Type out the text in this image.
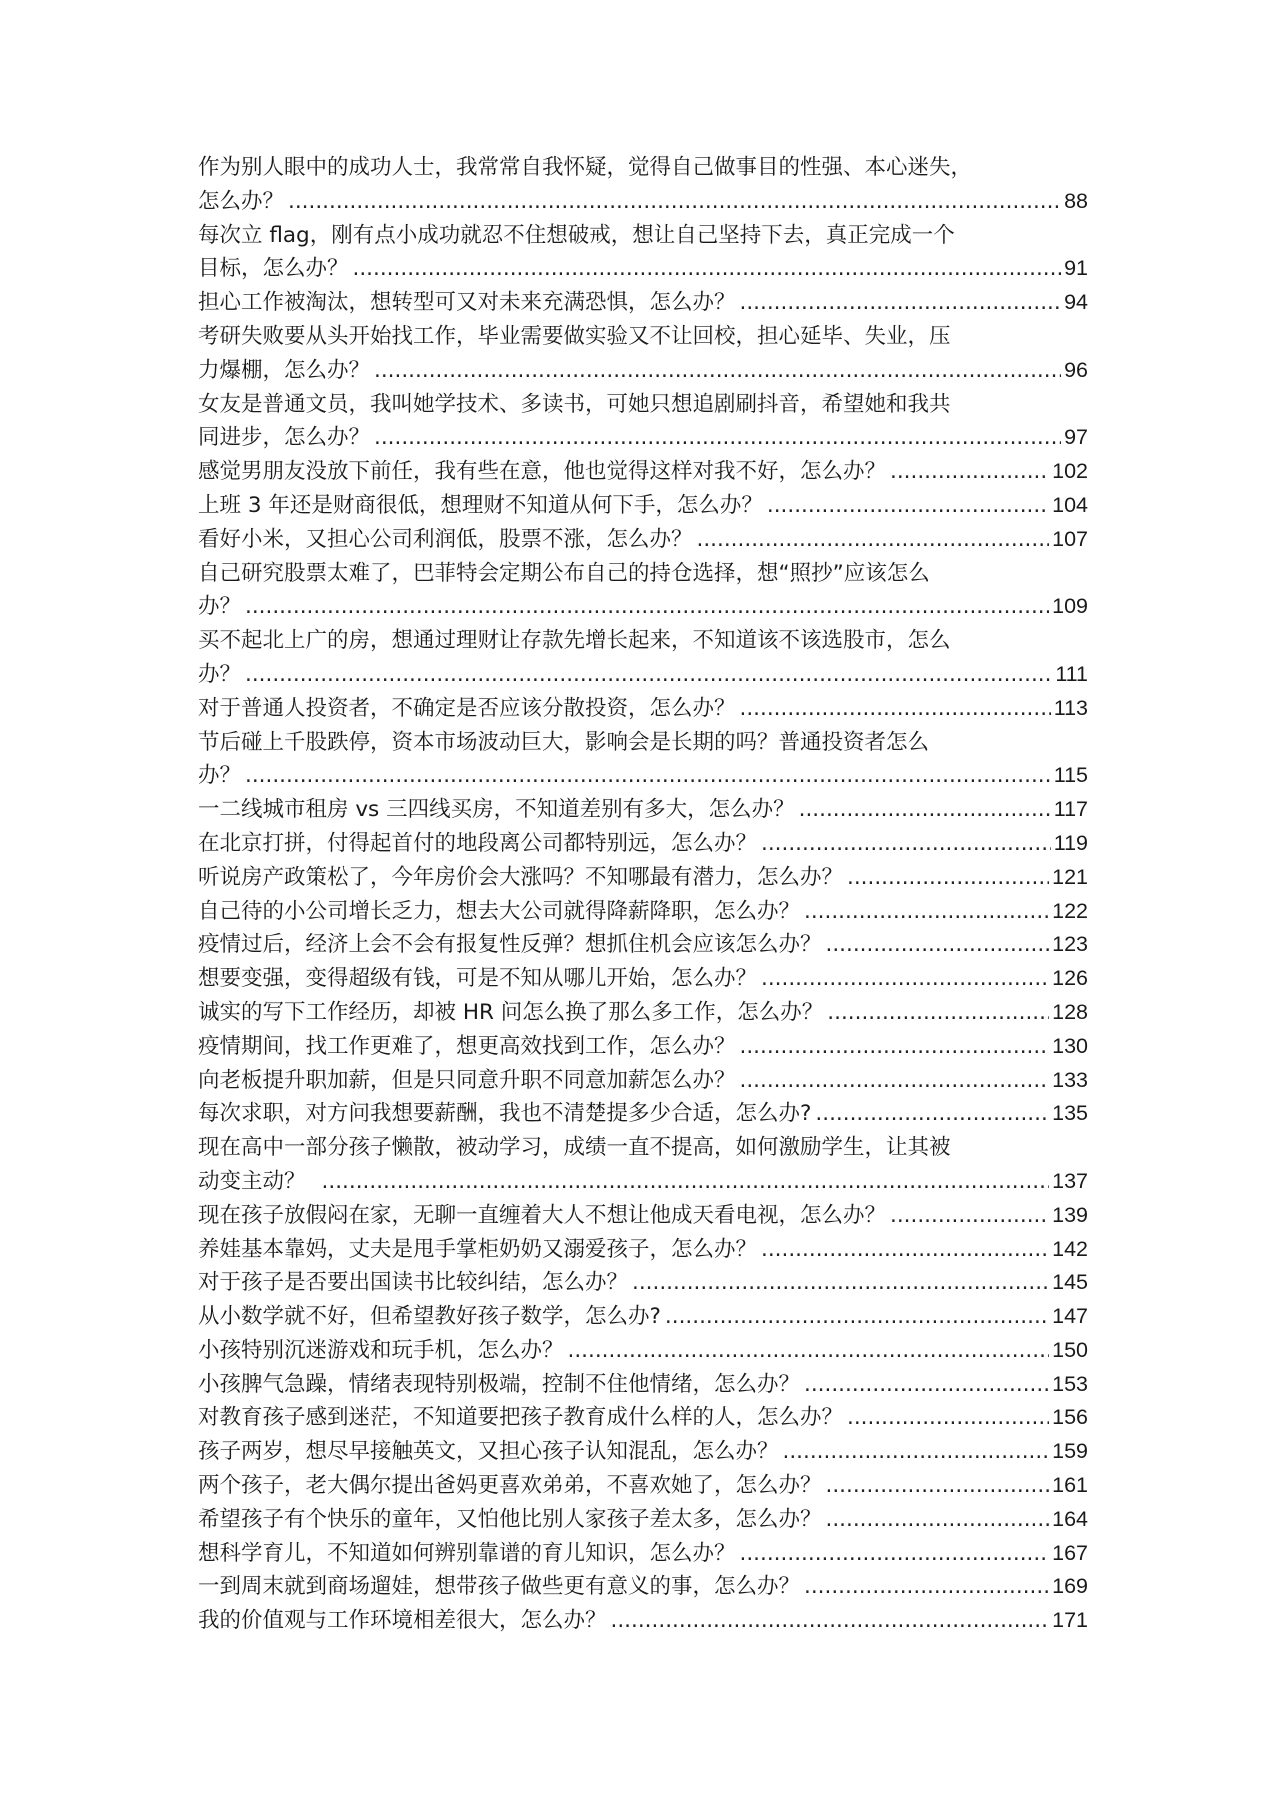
作为别人眼中的成功人士，我常常自我怀疑，觉得自己做事目的性强、本心迷失，
怎么办？ .....	88
每次立 flag，刚有点小成功就忍不住想破戒，想让自己坚持下去，真正完成一个
目标，怎么办？ .....	91
担心工作被淘汰，想转型可又对未来充满恐惧，怎么办？ .....	94
考研失败要从头开始找工作，毕业需要做实验又不让回校，担心延毕、失业，压
力爆棚，怎么办？ .....	96
女友是普通文员，我叫她学技术、多读书，可她只想追剧刷抖音，希望她和我共
同进步，怎么办？ .....	97
感觉男朋友没放下前任，我有些在意，他也觉得这样对我不好，怎么办？ .....	102
上班 3 年还是财商很低，想理财不知道从何下手，怎么办？ .....	104
看好小米，又担心公司利润低，股票不涨，怎么办？ .....	107
自己研究股票太难了，巴菲特会定期公布自己的持仓选择，想“照抄”应该怎么
办？ .....	109
买不起北上广的房，想通过理财让存款先增长起来，不知道该不该选股市，怎么
办？ .....	111
对于普通人投资者，不确定是否应该分散投资，怎么办？ .....	113
节后碰上千股跌停，资本市场波动巨大，影响会是长期的吗？普通投资者怎么
办？ .....	115
一二线城市租房 vs 三四线买房，不知道差别有多大，怎么办？ .....	117
在北京打拼，付得起首付的地段离公司都特别远，怎么办？ .....	119
听说房产政策松了，今年房价会大涨吗？不知哪最有潜力，怎么办？ .....	121
自己待的小公司增长乏力，想去大公司就得降薪降职，怎么办？ .....	122
疫情过后，经济上会不会有报复性反弹？想抓住机会应该怎么办？ .....	123
想要变强，变得超级有钱，可是不知从哪儿开始，怎么办？ .....	126
诚实的写下工作经历，却被 HR 问怎么换了那么多工作，怎么办？ .....	128
疫情期间，找工作更难了，想更高效找到工作，怎么办？ .....	130
向老板提升职加薪，但是只同意升职不同意加薪怎么办？ .....	133
每次求职，对方问我想要薪酬，我也不清楚提多少合适，怎么办? .....	135
现在高中一部分孩子懒散，被动学习，成绩一直不提高，如何激励学生，让其被
动变主动？ .....	137
现在孩子放假闷在家，无聊一直缠着大人不想让他成天看电视，怎么办？ .....	139
养娃基本靠妈，丈夫是甩手掌柜奶奶又溺爱孩子，怎么办？ .....	142
对于孩子是否要出国读书比较纠结，怎么办？ .....	145
从小数学就不好，但希望教好孩子数学，怎么办? .....	147
小孩特别沉迷游戏和玩手机，怎么办？ .....	150
小孩脾气急躁，情绪表现特别极端，控制不住他情绪，怎么办？ .....	153
对教育孩子感到迷茫，不知道要把孩子教育成什么样的人，怎么办？ .....	156
孩子两岁，想尽早接触英文，又担心孩子认知混乱，怎么办？ .....	159
两个孩子，老大偶尔提出爸妈更喜欢弟弟，不喜欢她了，怎么办？ .....	161
希望孩子有个快乐的童年，又怕他比别人家孩子差太多，怎么办？ .....	164
想科学育儿，不知道如何辨别靠谱的育儿知识，怎么办？ .....	167
一到周末就到商场遛娃，想带孩子做些更有意义的事，怎么办？ .....	169
我的价值观与工作环境相差很大，怎么办？ .....	171
